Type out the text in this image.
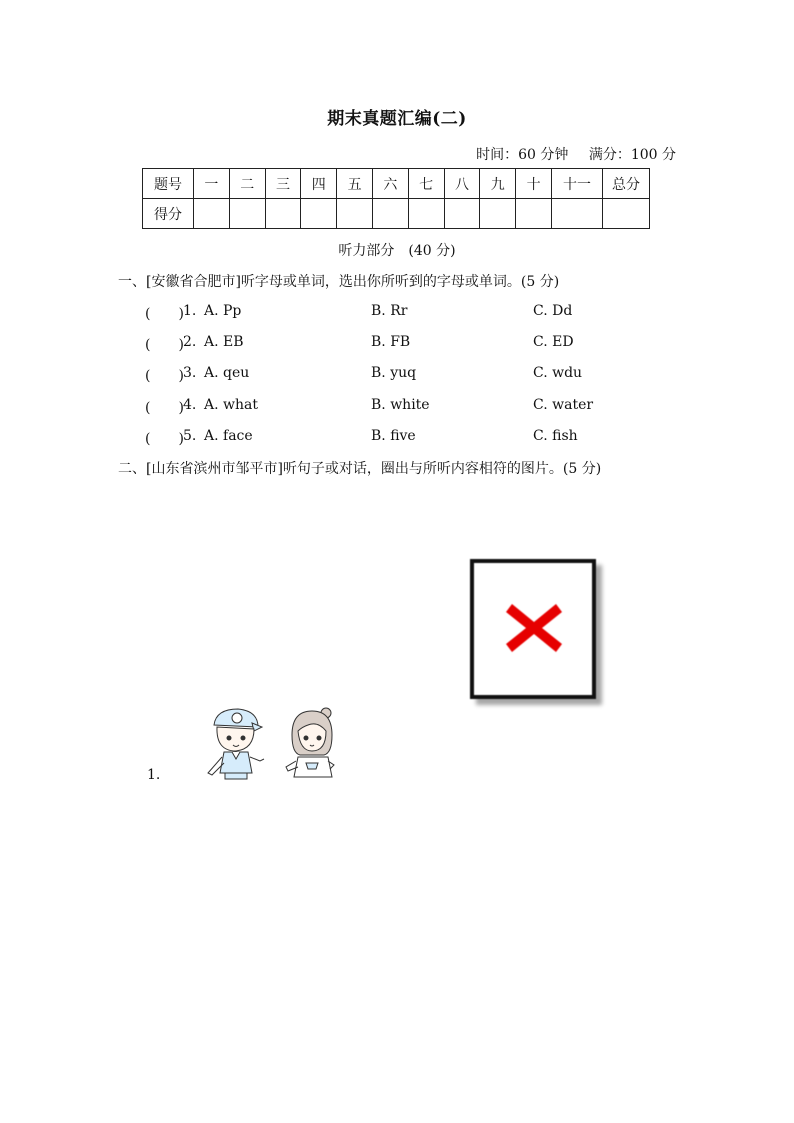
期末真题汇编(二)
时间：60 分钟 满分：100 分
题号	一	二	三	四	五	六	七	八	九	十	十一	总分
得分												
听力部分　(40 分)
一、[安徽省合肥市]听字母或单词，选出你所听到的字母或单词。(5 分)
(　　) 1. A. Pp	B. Rr	C. Dd
(　　) 2. A. EB	B. FB	C. ED
(　　) 3. A. qeu	B. yuq	C. wdu
(　　) 4. A. what	B. white	C. water
(　　) 5. A. face	B. five	C. fish
二、[山东省滨州市邹平市]听句子或对话，圈出与所听内容相符的图片。(5 分)
1.
